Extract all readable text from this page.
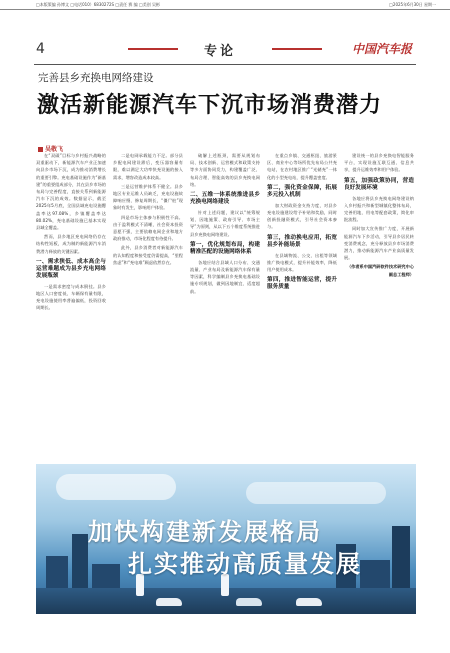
□本版策编 孙博文 □电话010）6830272S □责任 赛 编 □美创 吴彬	□2025年6月30日 星期一
4	专论	中国汽车报
完善县乡充换电网络建设
激活新能源汽车下沉市场消费潜力
吴敬飞

在“双碳”目标与乡村振兴战略的双重驱动下，新能源汽车产业正加速向县乡市场下沉，成为推动消费增长的重要引擎。充电基础设施作为“新基建”的重要组成部分，其在县乡市场的布局与完善程度，直接关系到新能源汽车下沉的成效。数据显示，截至2025年5月底，全国县域充电设施覆盖率达97.08%，乡镇覆盖率达80.02%，充电基础设施已基本实现县域全覆盖。

然而，县乡地区充电网络仍存在结构性短板，成为制约新能源汽车消费潜力释放的关键因素。

一、需求狭低、成本高企与运营难题成为县乡充电网络发展瓶颈

一是需求密度与成本倒挂。县乡地区人口密度低、车辆保有量有限，充电设施使用率普遍偏低，投资回收周期长。

二是电网承载能力不足。部分县乡配电网建设滞后，变压器容量有限，难以满足大功率快充设施的接入需求，增容改造成本较高。

三是运营维护体系不健全。县乡地区专业运维人员缺乏，充电设施故障响应慢、修复周期长，“僵尸桩”现象时有发生，影响用户体验。

四是市场主体参与积极性不高。由于盈利模式不清晰，社会资本投资意愿不强，主要依赖电网企业和地方政府推动，市场化程度有待提升。

此外，县乡消费者对新能源汽车的认知程度和接受度仍需提高，“里程焦虑”和“充电难”顾虑依然存在。

破解上述瓶颈，需要从规划布局、技术创新、运营模式和政策支持等多方面协同发力，构建覆盖广泛、布局合理、智能高效的县乡充换电网络。

二、五维一体系统推进县乡充换电网络建设

针对上述问题，建议以“统筹规划、因地施策、政府引导、市场主导”为原则，从以下五个维度系统推进县乡充换电网络建设。

第一，优化规划布局，构建精准匹配的设施网络体系

各地应结合县域人口分布、交通流量、产业布局及新能源汽车保有量等因素，科学编制县乡充换电基础设施专项规划，做到因地制宜、适度超前。

在重点乡镇、交通枢纽、旅游景区、商业中心等场所优先布局公共充电站，在农村地区推广“光储充”一体化的小型充电站，提升覆盖密度。

第二，强化资金保障，拓展多元投入机制

加大财政资金支持力度，对县乡充电设施建设给予补贴和奖励，同时创新投融资模式，引导社会资本参与。

第三，推动换电应用，拓宽县乡补能场景

在县域物流、公交、出租等领域推广换电模式，提升补能效率，降低用户使用成本。

第四，推进智能运营，提升服务质量

建设统一的县乡充换电智能服务平台，实现设施互联互通、信息共享，提升运维效率和用户体验。

第五，加强政策协同，营造良好发展环境

各地应将县乡充换电网络建设纳入乡村振兴和新型城镇化整体布局，完善用地、用电等配套政策，简化审批流程。

同时加大宣传推广力度，开展新能源汽车下乡活动，引导县乡居民转变消费观念，充分释放县乡市场消费潜力，推动新能源汽车产业高质量发展。

（作者系中国汽研软件技术研究中心副总工程师）

加快构建新发展格局
扎实推动高质量发展
